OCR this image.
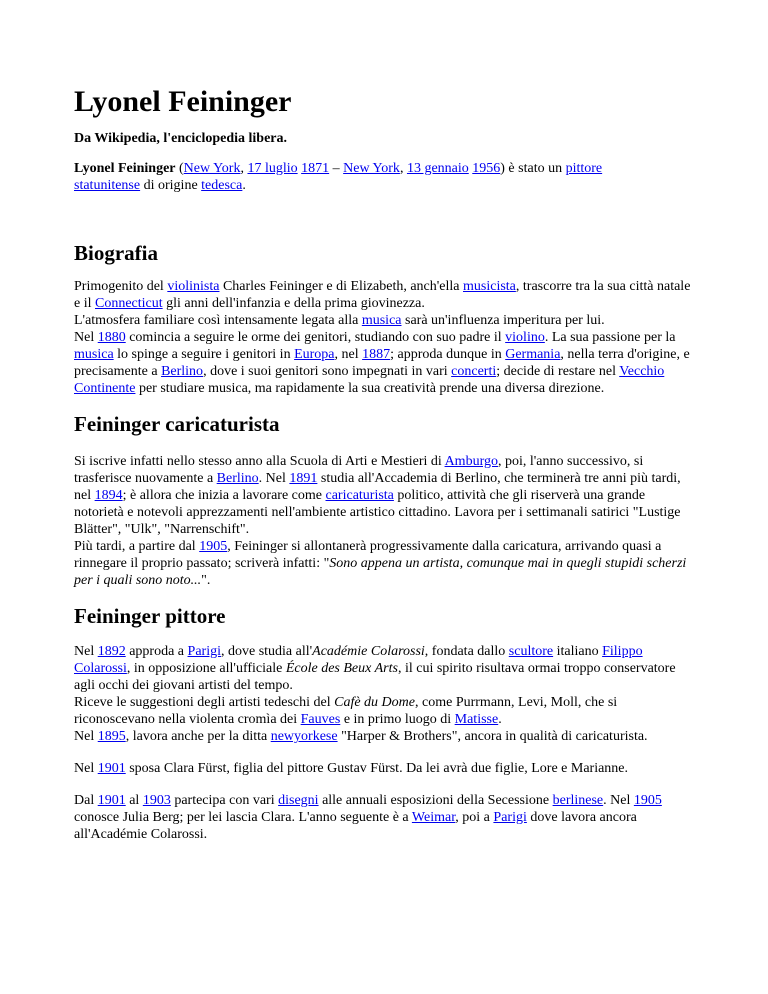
Lyonel Feininger
Da Wikipedia, l'enciclopedia libera.

Lyonel Feininger (New York, 17 luglio 1871 – New York, 13 gennaio 1956) è stato un pittore
statunitense di origine tedesca.

Biografia

Primogenito del violinista Charles Feininger e di Elizabeth, anch'ella musicista, trascorre tra la sua città natale e il Connecticut gli anni dell'infanzia e della prima giovinezza.
L'atmosfera familiare così intensamente legata alla musica sarà un'influenza imperitura per lui.
Nel 1880 comincia a seguire le orme dei genitori, studiando con suo padre il violino. La sua passione per la musica lo spinge a seguire i genitori in Europa, nel 1887; approda dunque in Germania, nella terra d'origine, e precisamente a Berlino, dove i suoi genitori sono impegnati in vari concerti; decide di restare nel Vecchio Continente per studiare musica, ma rapidamente la sua creatività prende una diversa direzione.

Feininger caricaturista

Si iscrive infatti nello stesso anno alla Scuola di Arti e Mestieri di Amburgo, poi, l'anno successivo, si trasferisce nuovamente a Berlino. Nel 1891 studia all'Accademia di Berlino, che terminerà tre anni più tardi, nel 1894; è allora che inizia a lavorare come caricaturista politico, attività che gli riserverà una grande notorietà e notevoli apprezzamenti nell'ambiente artistico cittadino. Lavora per i settimanali satirici "Lustige Blätter", "Ulk", "Narrenschift".
Più tardi, a partire dal 1905, Feininger si allontanerà progressivamente dalla caricatura, arrivando quasi a rinnegare il proprio passato; scriverà infatti: "Sono appena un artista, comunque mai in quegli stupidi scherzi per i quali sono noto...".

Feininger pittore

Nel 1892 approda a Parigi, dove studia all'Académie Colarossi, fondata dallo scultore italiano Filippo Colarossi, in opposizione all'ufficiale École des Beux Arts, il cui spirito risultava ormai troppo conservatore agli occhi dei giovani artisti del tempo.
Riceve le suggestioni degli artisti tedeschi del Cafè du Dome, come Purrmann, Levi, Moll, che si riconoscevano nella violenta cromìa dei Fauves e in primo luogo di Matisse.
Nel 1895, lavora anche per la ditta newyorkese "Harper & Brothers", ancora in qualità di caricaturista.

Nel 1901 sposa Clara Fürst, figlia del pittore Gustav Fürst. Da lei avrà due figlie, Lore e Marianne.

Dal 1901 al 1903 partecipa con vari disegni alle annuali esposizioni della Secessione berlinese. Nel 1905 conosce Julia Berg; per lei lascia Clara. L'anno seguente è a Weimar, poi a Parigi dove lavora ancora all'Académie Colarossi.
